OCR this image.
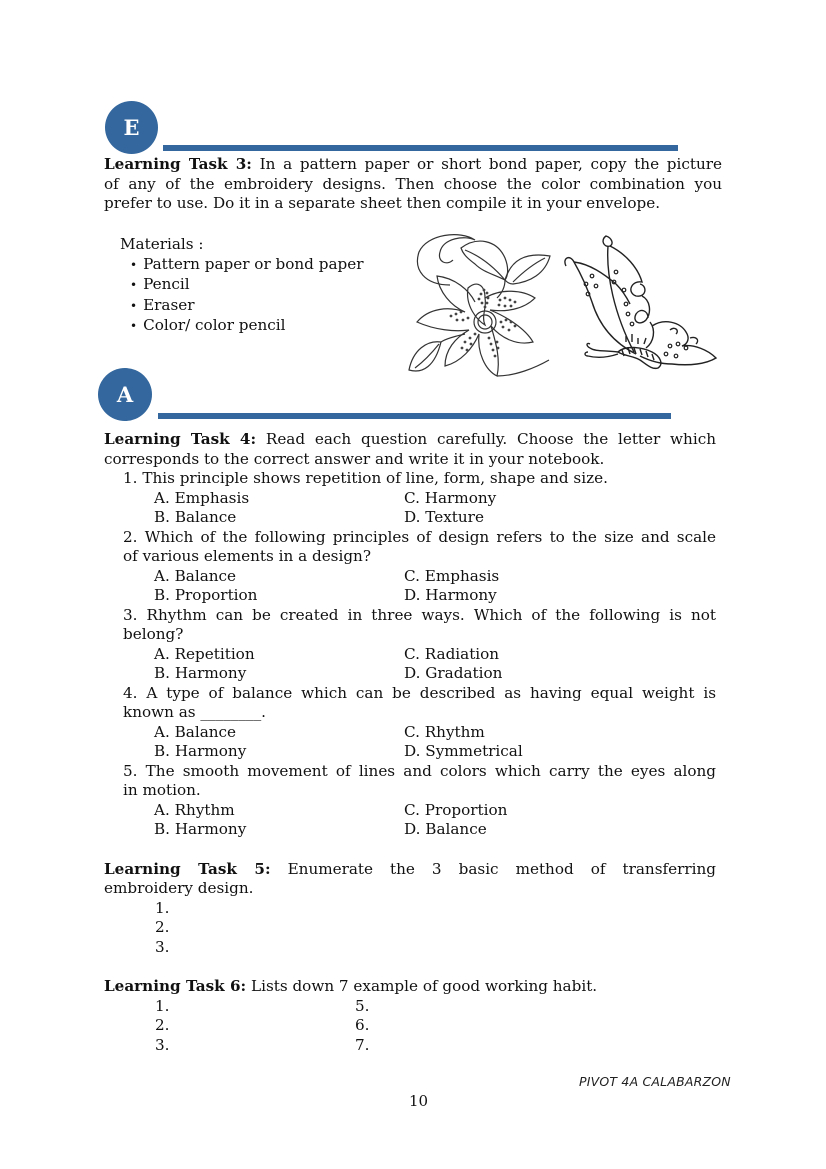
E
Learning Task 3: In a pattern paper or short bond paper, copy the picture
of any of the embroidery designs. Then choose the color combination you
prefer to use. Do it in a separate sheet then compile it in your envelope.
Materials :
• Pattern paper or bond paper
• Pencil
• Eraser
• Color/ color pencil
A
Learning Task 4: Read each question carefully. Choose the letter which
corresponds to the correct answer and write it in your notebook.
1. This principle shows repetition of line, form, shape and size.
A. Emphasis	C. Harmony
B. Balance	D. Texture
2. Which of the following principles of design refers to the size and scale
of various elements in a design?
A. Balance	C. Emphasis
B. Proportion	D. Harmony
3. Rhythm can be created in three ways. Which of the following is not
belong?
A. Repetition	C. Radiation
B. Harmony	D. Gradation
4. A type of balance which can be described as having equal weight is
known as ________.
A. Balance	C. Rhythm
B. Harmony	D. Symmetrical
5. The smooth movement of lines and colors which carry the eyes along
in motion.
A. Rhythm	C. Proportion
B. Harmony	D. Balance
Learning Task 5: Enumerate the 3 basic method of transferring
embroidery design.
1.
2.
3.
Learning Task 6: Lists down 7 example of good working habit.
1.
2.
3.
5.
6.
7.
PIVOT 4A CALABARZON
10
